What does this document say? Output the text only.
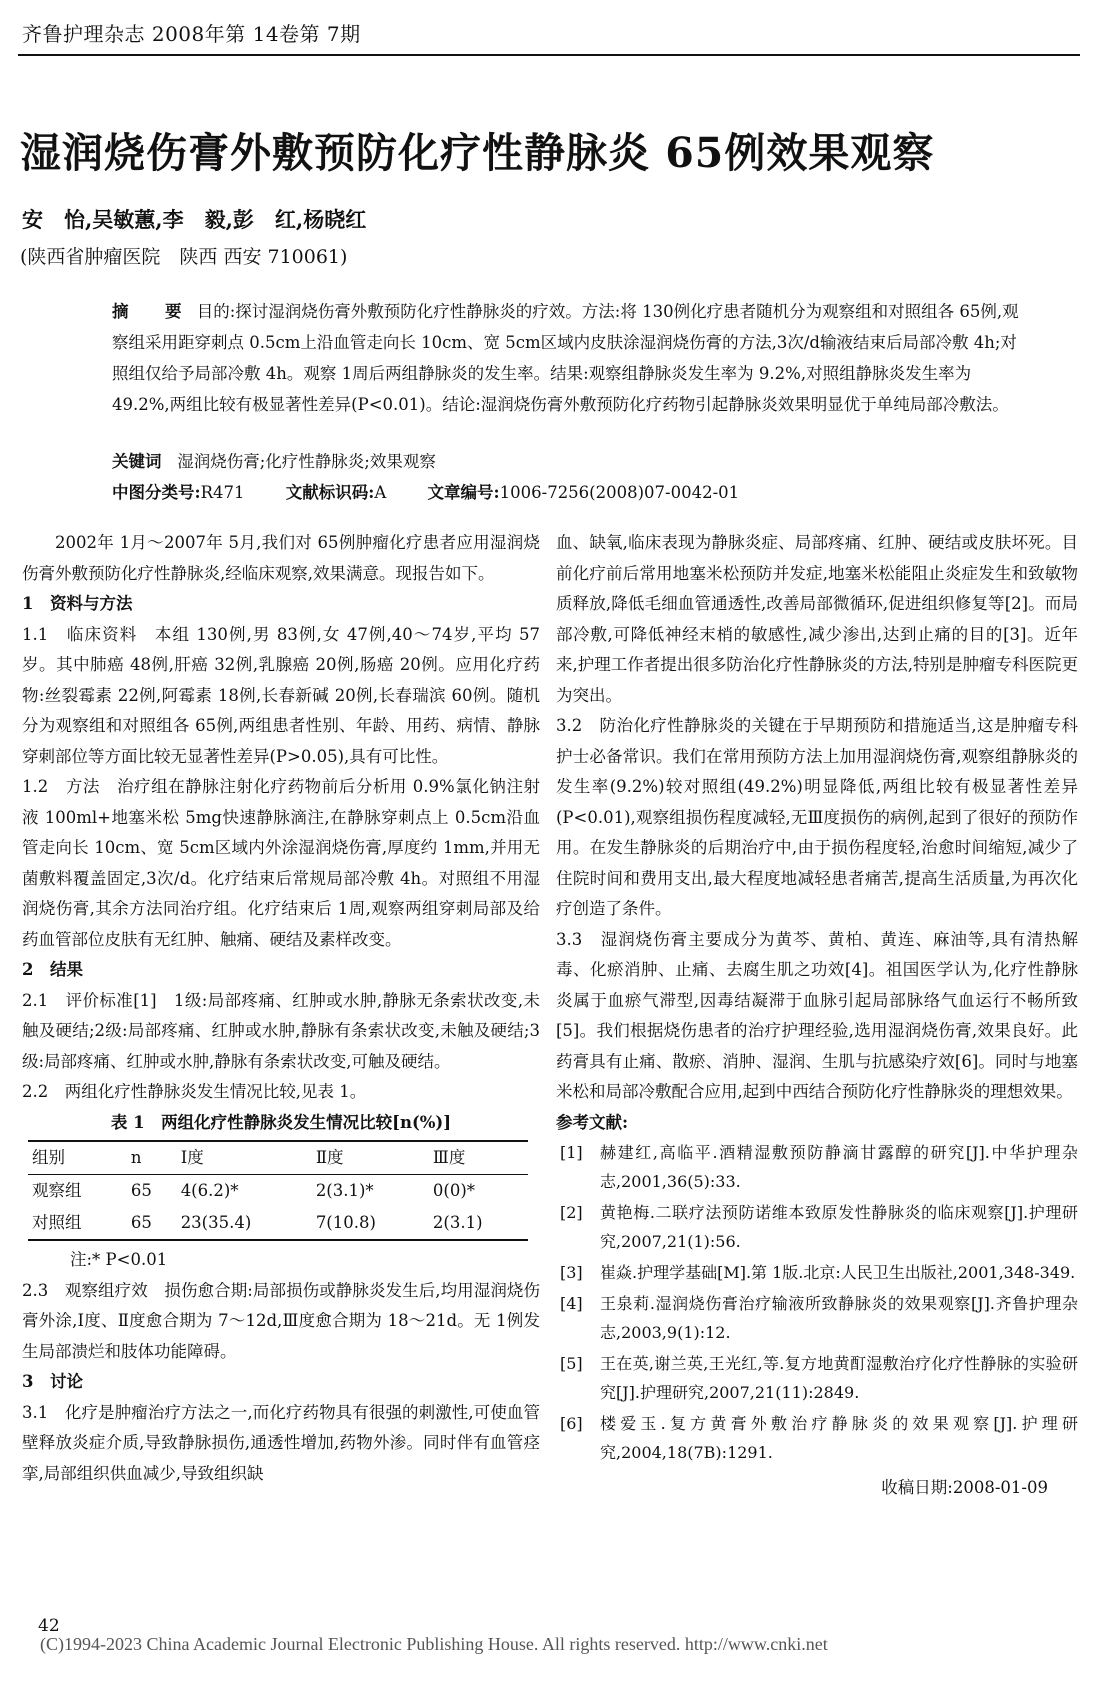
齐鲁护理杂志 2008年第 14卷第 7期
湿润烧伤膏外敷预防化疗性静脉炎 65例效果观察
安　怡,吴敏蕙,李　毅,彭　红,杨晓红
(陕西省肿瘤医院　陕西 西安 710061)
摘　要 目的:探讨湿润烧伤膏外敷预防化疗性静脉炎的疗效。方法:将 130例化疗患者随机分为观察组和对照组各 65例,观察组采用距穿刺点 0.5cm上沿血管走向长 10cm、宽 5cm区域内皮肤涂湿润烧伤膏的方法,3次/d输液结束后局部冷敷 4h;对照组仅给予局部冷敷 4h。观察 1周后两组静脉炎的发生率。结果:观察组静脉炎发生率为 9.2%,对照组静脉炎发生率为 49.2%,两组比较有极显著性差异(P<0.01)。结论:湿润烧伤膏外敷预防化疗药物引起静脉炎效果明显优于单纯局部冷敷法。
关键词 湿润烧伤膏;化疗性静脉炎;效果观察
中图分类号:R471	文献标识码:A	文章编号:1006-7256(2008)07-0042-01

2002年 1月～2007年 5月,我们对 65例肿瘤化疗患者应用湿润烧伤膏外敷预防化疗性静脉炎,经临床观察,效果满意。现报告如下。

1　资料与方法

1.1　临床资料　本组 130例,男 83例,女 47例,40～74岁,平均 57岁。其中肺癌 48例,肝癌 32例,乳腺癌 20例,肠癌 20例。应用化疗药物:丝裂霉素 22例,阿霉素 18例,长春新碱 20例,长春瑞滨 60例。随机分为观察组和对照组各 65例,两组患者性别、年龄、用药、病情、静脉穿刺部位等方面比较无显著性差异(P>0.05),具有可比性。

1.2　方法　治疗组在静脉注射化疗药物前后分析用 0.9%氯化钠注射液 100ml+地塞米松 5mg快速静脉滴注,在静脉穿刺点上 0.5cm沿血管走向长 10cm、宽 5cm区域内外涂湿润烧伤膏,厚度约 1mm,并用无菌敷料覆盖固定,3次/d。化疗结束后常规局部冷敷 4h。对照组不用湿润烧伤膏,其余方法同治疗组。化疗结束后 1周,观察两组穿刺局部及给药血管部位皮肤有无红肿、触痛、硬结及素样改变。

2　结果

2.1　评价标准[1]　1级:局部疼痛、红肿或水肿,静脉无条索状改变,未触及硬结;2级:局部疼痛、红肿或水肿,静脉有条索状改变,未触及硬结;3级:局部疼痛、红肿或水肿,静脉有条索状改变,可触及硬结。

2.2　两组化疗性静脉炎发生情况比较,见表 1。

表 1　两组化疗性静脉炎发生情况比较[n(%)]

组别	n	Ⅰ度	Ⅱ度	Ⅲ度
观察组	65	4(6.2)*	2(3.1)*	0(0)*
对照组	65	23(35.4)	7(10.8)	2(3.1)

注:* P<0.01

2.3　观察组疗效　损伤愈合期:局部损伤或静脉炎发生后,均用湿润烧伤膏外涂,Ⅰ度、Ⅱ度愈合期为 7～12d,Ⅲ度愈合期为 18～21d。无 1例发生局部溃烂和肢体功能障碍。

3　讨论

3.1　化疗是肿瘤治疗方法之一,而化疗药物具有很强的刺激性,可使血管壁释放炎症介质,导致静脉损伤,通透性增加,药物外渗。同时伴有血管痉挛,局部组织供血减少,导致组织缺

血、缺氧,临床表现为静脉炎症、局部疼痛、红肿、硬结或皮肤坏死。目前化疗前后常用地塞米松预防并发症,地塞米松能阻止炎症发生和致敏物质释放,降低毛细血管通透性,改善局部微循环,促进组织修复等[2]。而局部冷敷,可降低神经末梢的敏感性,减少渗出,达到止痛的目的[3]。近年来,护理工作者提出很多防治化疗性静脉炎的方法,特别是肿瘤专科医院更为突出。

3.2　防治化疗性静脉炎的关键在于早期预防和措施适当,这是肿瘤专科护士必备常识。我们在常用预防方法上加用湿润烧伤膏,观察组静脉炎的发生率(9.2%)较对照组(49.2%)明显降低,两组比较有极显著性差异(P<0.01),观察组损伤程度减轻,无Ⅲ度损伤的病例,起到了很好的预防作用。在发生静脉炎的后期治疗中,由于损伤程度轻,治愈时间缩短,减少了住院时间和费用支出,最大程度地减轻患者痛苦,提高生活质量,为再次化疗创造了条件。

3.3　湿润烧伤膏主要成分为黄芩、黄柏、黄连、麻油等,具有清热解毒、化瘀消肿、止痛、去腐生肌之功效[4]。祖国医学认为,化疗性静脉炎属于血瘀气滞型,因毒结凝滞于血脉引起局部脉络气血运行不畅所致[5]。我们根据烧伤患者的治疗护理经验,选用湿润烧伤膏,效果良好。此药膏具有止痛、散瘀、消肿、湿润、生肌与抗感染疗效[6]。同时与地塞米松和局部冷敷配合应用,起到中西结合预防化疗性静脉炎的理想效果。

参考文献:

[1]	赫建红,高临平.酒精湿敷预防静滴甘露醇的研究[J].中华护理杂志,2001,36(5):33.
[2]	黄艳梅.二联疗法预防诺维本致原发性静脉炎的临床观察[J].护理研究,2007,21(1):56.
[3]	崔焱.护理学基础[M].第 1版.北京:人民卫生出版社,2001,348-349.
[4]	王泉莉.湿润烧伤膏治疗输液所致静脉炎的效果观察[J].齐鲁护理杂志,2003,9(1):12.
[5]	王在英,谢兰英,王光红,等.复方地黄酊湿敷治疗化疗性静脉的实验研究[J].护理研究,2007,21(11):2849.
[6]	楼爱玉.复方黄膏外敷治疗静脉炎的效果观察[J].护理研究,2004,18(7B):1291.

收稿日期:2008-01-09

42
(C)1994-2023 China Academic Journal Electronic Publishing House. All rights reserved. http://www.cnki.net
